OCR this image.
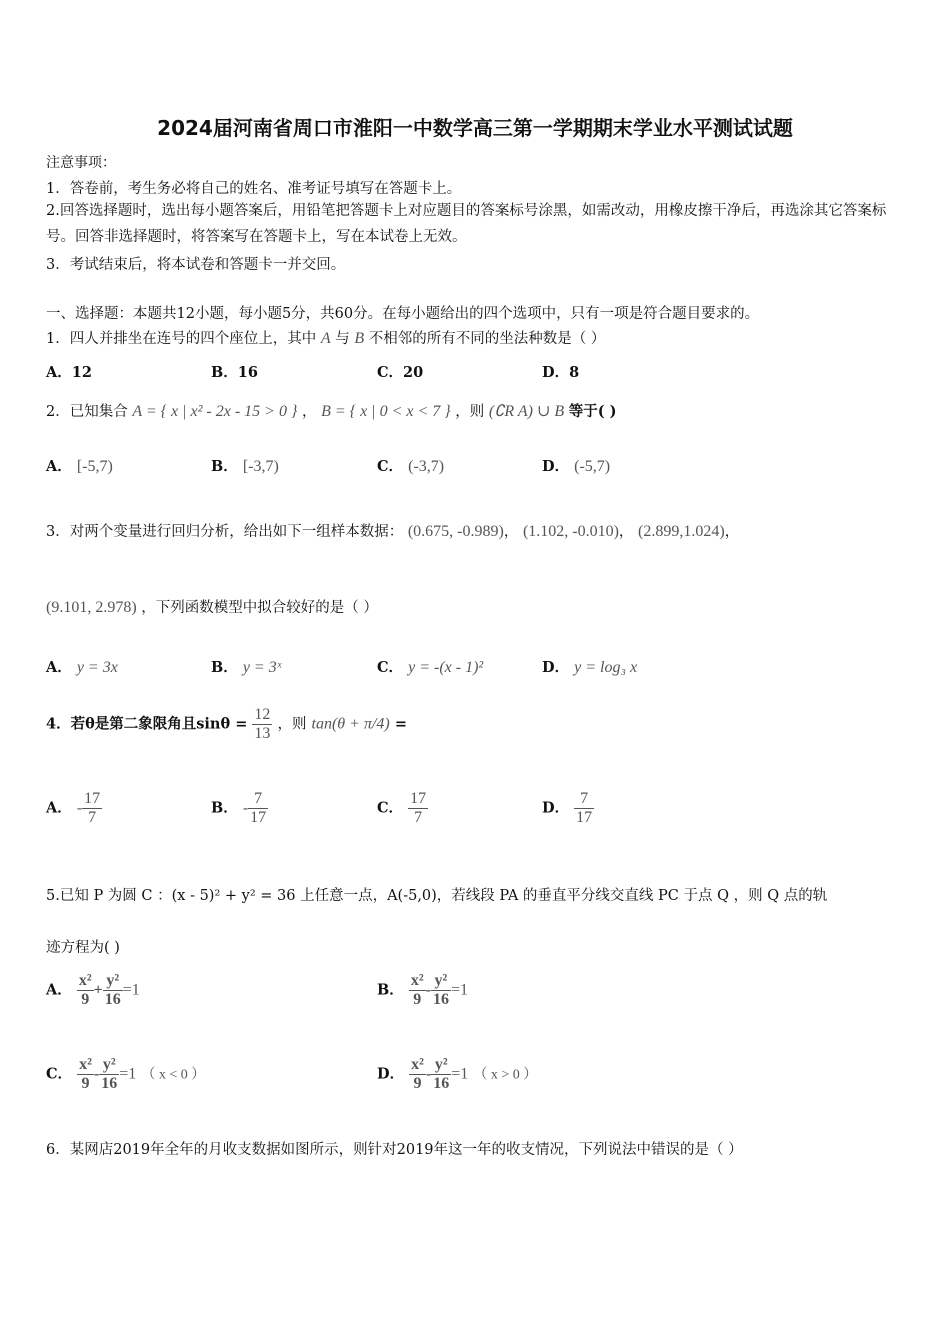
2024届河南省周口市淮阳一中数学高三第一学期期末学业水平测试试题
注意事项：
1．答卷前，考生务必将自己的姓名、准考证号填写在答题卡上。
2.回答选择题时，选出每小题答案后，用铅笔把答题卡上对应题目的答案标号涂黑，如需改动，用橡皮擦干净后，再选涂其它答案标号。回答非选择题时，将答案写在答题卡上，写在本试卷上无效。
3．考试结束后，将本试卷和答题卡一并交回。
一、选择题：本题共12小题，每小题5分，共60分。在每小题给出的四个选项中，只有一项是符合题目要求的。
1．四人并排坐在连号的四个座位上，其中 A 与 B 不相邻的所有不同的坐法种数是（ ）
A．12	B．16	C．20	D．8
2．已知集合 A = { x | x² - 2x - 15 > 0 } ， B = { x | 0 < x < 7 } ，则 (∁R A) ∪ B 等于( )
A． [-5,7)	B． [-3,7)	C． (-3,7)	D． (-5,7)
3．对两个变量进行回归分析，给出如下一组样本数据： (0.675, -0.989)， (1.102, -0.010)， (2.899,1.024)，
(9.101, 2.978) ，下列函数模型中拟合较好的是（ ）
A． y = 3x	B． y = 3ˣ	C． y = -(x - 1)²	D． y = log₃ x
4．若θ是第二象限角且$\sin\theta = \frac{12}{13}$ ，则 tan(θ + π/4) =
A． - $\frac{17}{7}$	B． - $\frac{7}{17}$	C． $\frac{17}{7}$	D． $\frac{7}{17}$
5.已知 P 为圆 C ：(x - 5)² + y² = 36 上任意一点，A(-5,0)，若线段 PA 的垂直平分线交直线 PC 于点 Q ，则 Q 点的轨
迹方程为( )
A． $\frac{\text{x²}}{9} + \frac{\text{y²}}{16} =1$	B． $\frac{\text{x²}}{9} - \frac{\text{y²}}{16} =1$
C． $\frac{\text{x²}}{9} - \frac{\text{y²}}{16} =1$ （ x < 0 ）	D． $\frac{\text{x²}}{9} - \frac{\text{y²}}{16} =1$ （ x > 0 ）
6．某网店2019年全年的月收支数据如图所示，则针对2019年这一年的收支情况，下列说法中错误的是（ ）
